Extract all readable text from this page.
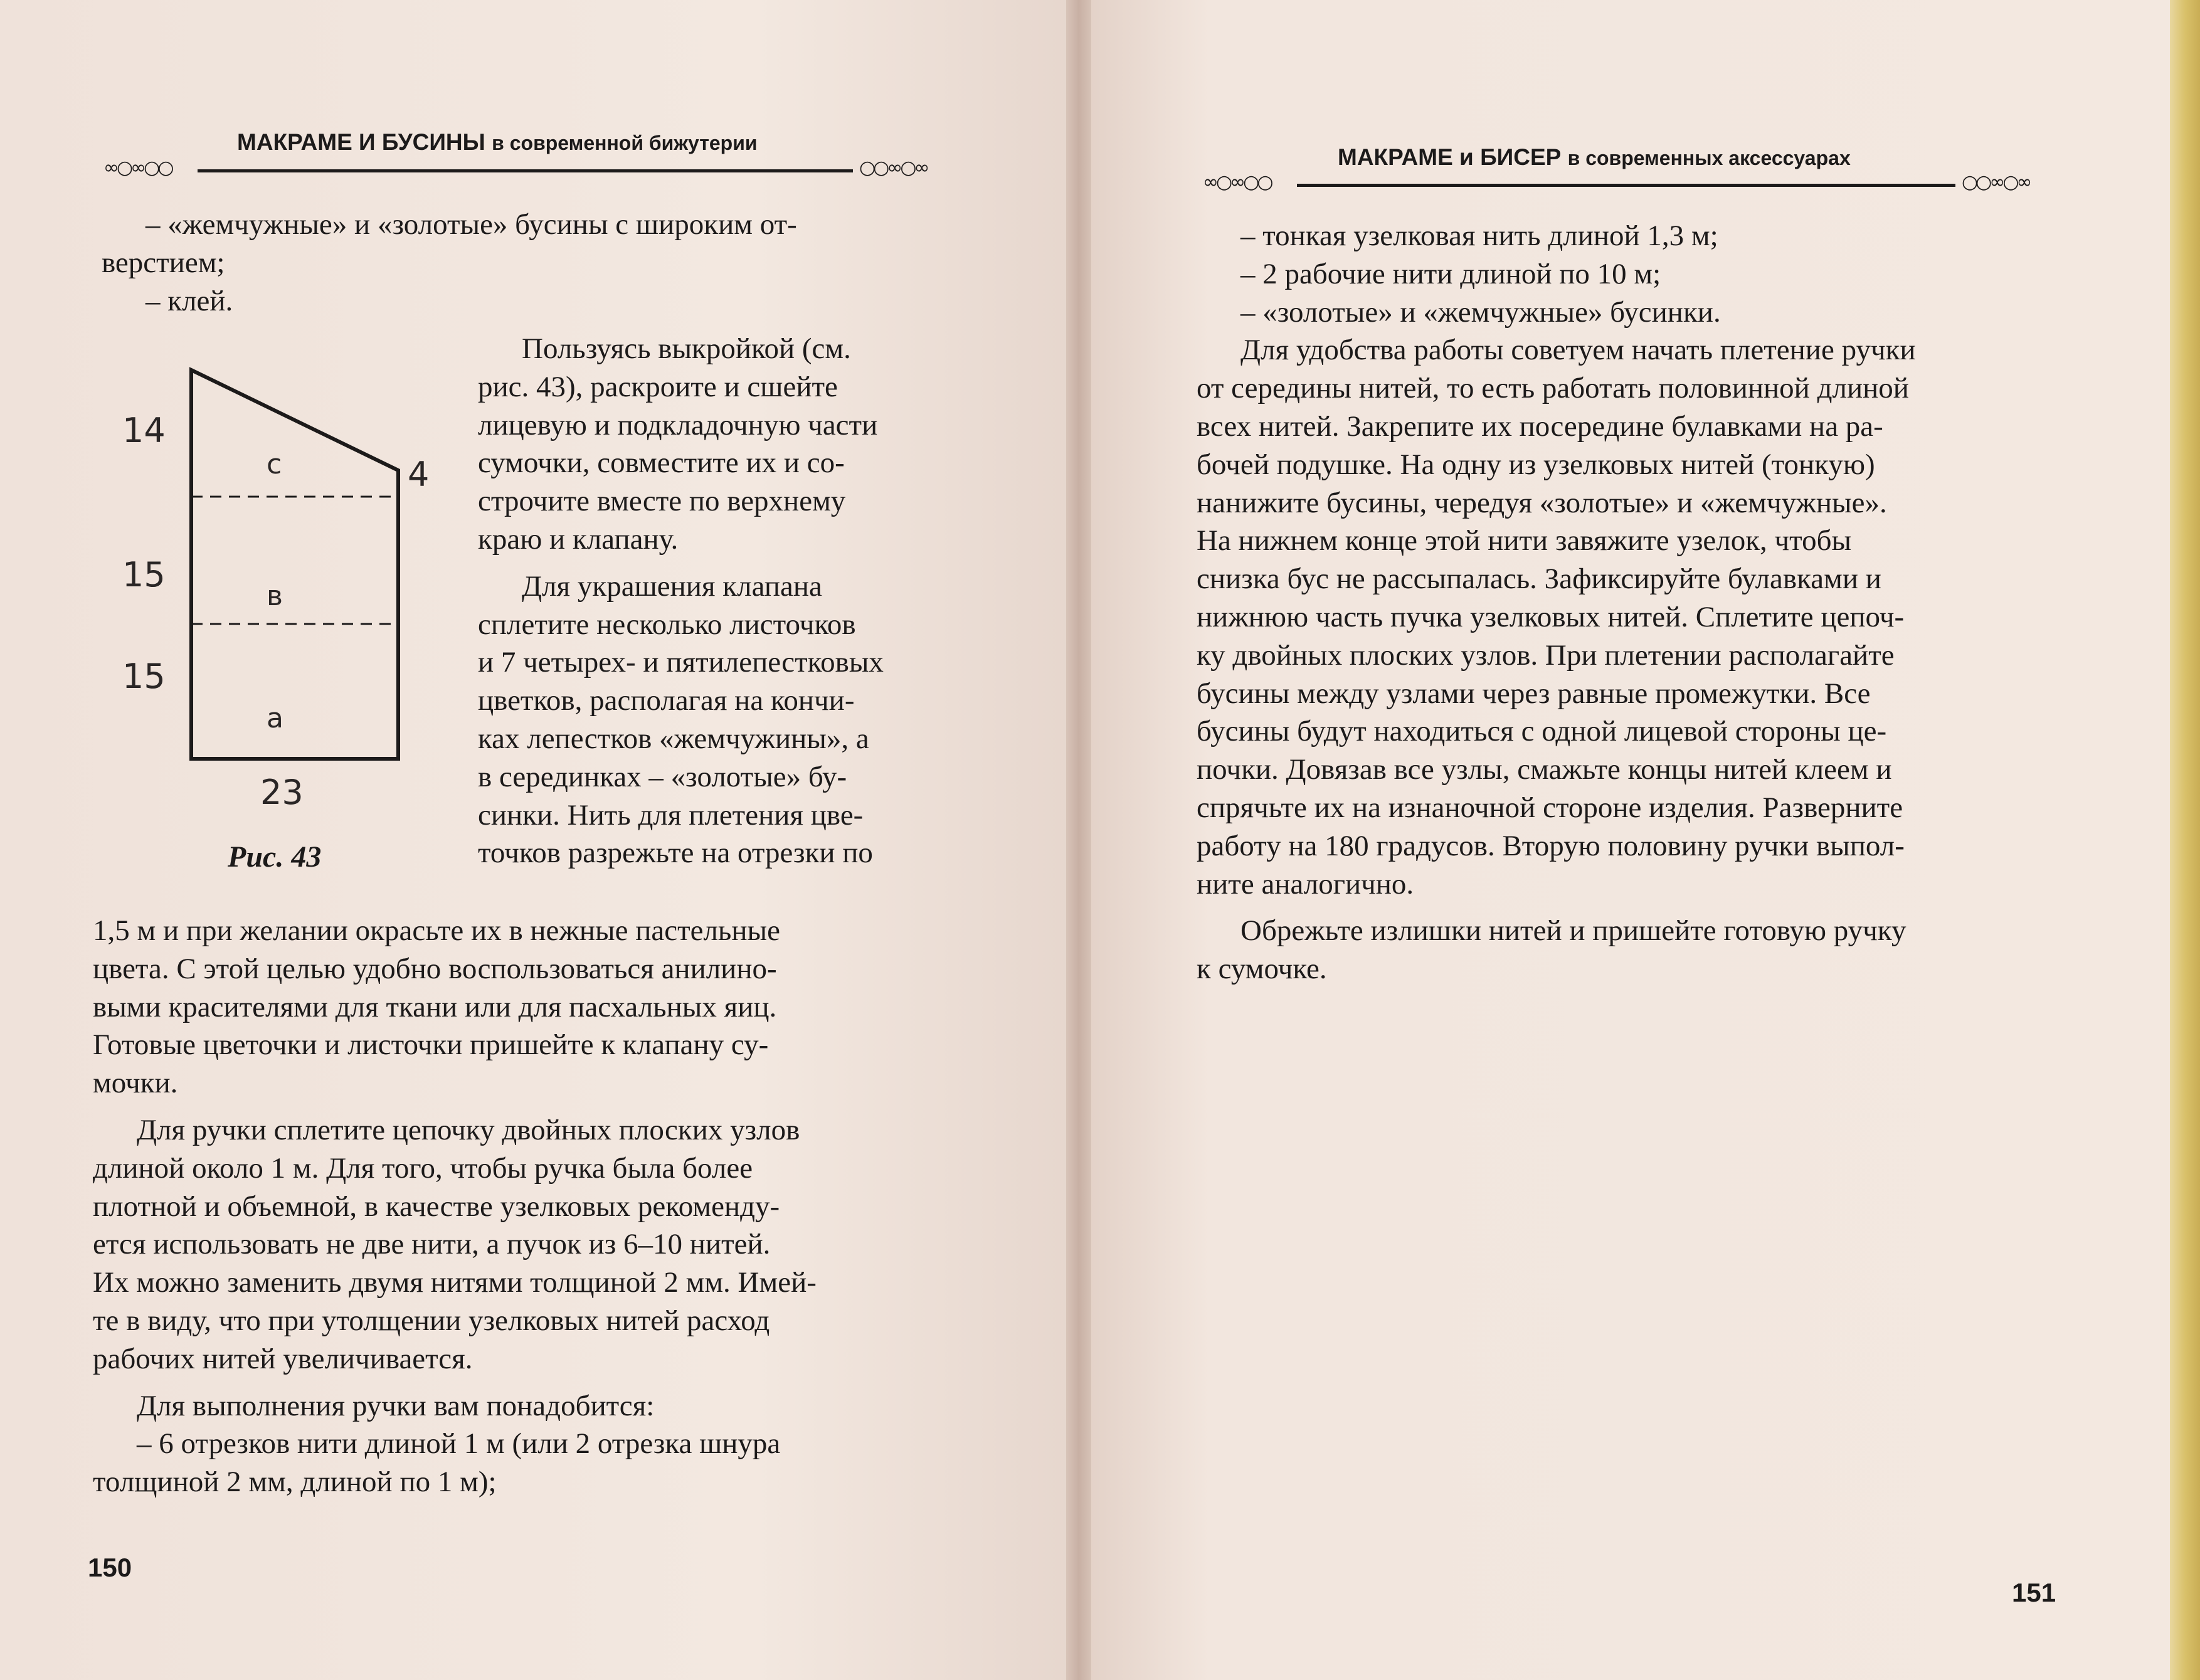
МАКРАМЕ И БУСИНЫ в современной бижутерии
∞○∞○○	○○∞○∞

– «жемчужные» и «золотые» бусины с широким от-

верстием;

– клей.

Пользуясь выкройкой (см.

рис. 43), раскроите и сшейте

лицевую и подкладочную части

сумочки, совместите их и со-

строчите вместе по верхнему

краю и клапану.

Для украшения клапана

сплетите несколько листочков

и 7 четырех- и пятилепестковых

цветков, располагая на кончи-

ках лепестков «жемчужины», а

в серединках – «золотые» бу-

синки. Нить для плетения цве-

точков разрежьте на отрезки по

1,5 м и при желании окрасьте их в нежные пастельные

цвета. С этой целью удобно воспользоваться анилино-

выми красителями для ткани или для пасхальных яиц.

Готовые цветочки и листочки пришейте к клапану су-

мочки.

Для ручки сплетите цепочку двойных плоских узлов

длиной около 1 м. Для того, чтобы ручка была более

плотной и объемной, в качестве узелковых рекоменду-

ется использовать не две нити, а пучок из 6–10 нитей.

Их можно заменить двумя нитями толщиной 2 мм. Имей-

те в виду, что при утолщении узелковых нитей расход

рабочих нитей увеличивается.

Для выполнения ручки вам понадобится:

– 6 отрезков нити длиной 1 м (или 2 отрезка шнура

толщиной 2 мм, длиной по 1 м);

14
15
15
4
23
с
в
а
Рис. 43
150
МАКРАМЕ и БИСЕР в современных аксессуарах
∞○∞○○	○○∞○∞

– тонкая узелковая нить длиной 1,3 м;

– 2 рабочие нити длиной по 10 м;

– «золотые» и «жемчужные» бусинки.

Для удобства работы советуем начать плетение ручки

от середины нитей, то есть работать половинной длиной

всех нитей. Закрепите их посередине булавками на ра-

бочей подушке. На одну из узелковых нитей (тонкую)

нанижите бусины, чередуя «золотые» и «жемчужные».

На нижнем конце этой нити завяжите узелок, чтобы

снизка бус не рассыпалась. Зафиксируйте булавками и

нижнюю часть пучка узелковых нитей. Сплетите цепоч-

ку двойных плоских узлов. При плетении располагайте

бусины между узлами через равные промежутки. Все

бусины будут находиться с одной лицевой стороны це-

почки. Довязав все узлы, смажьте концы нитей клеем и

спрячьте их на изнаночной стороне изделия. Разверните

работу на 180 градусов. Вторую половину ручки выпол-

ните аналогично.

Обрежьте излишки нитей и пришейте готовую ручку

к сумочке.

151
